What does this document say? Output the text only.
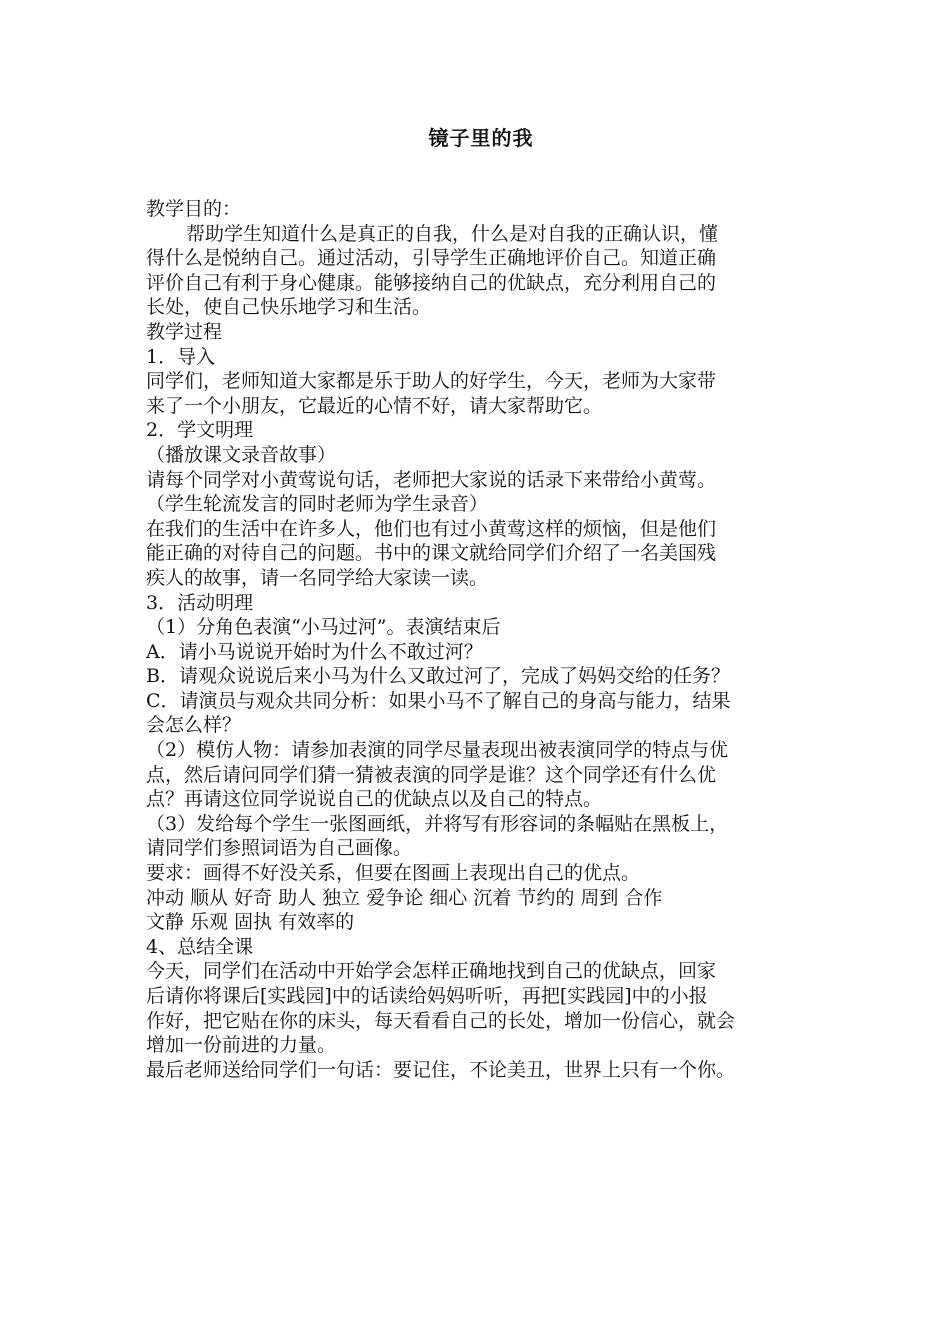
镜子里的我
教学目的：
帮助学生知道什么是真正的自我，什么是对自我的正确认识，懂
得什么是悦纳自己。通过活动，引导学生正确地评价自己。知道正确
评价自己有利于身心健康。能够接纳自己的优缺点，充分利用自己的
长处，使自己快乐地学习和生活。
教学过程
1．导入
同学们，老师知道大家都是乐于助人的好学生，今天，老师为大家带
来了一个小朋友，它最近的心情不好，请大家帮助它。
2．学文明理
（播放课文录音故事）
请每个同学对小黄莺说句话，老师把大家说的话录下来带给小黄莺。
（学生轮流发言的同时老师为学生录音）
在我们的生活中在许多人，他们也有过小黄莺这样的烦恼，但是他们
能正确的对待自己的问题。书中的课文就给同学们介绍了一名美国残
疾人的故事，请一名同学给大家读一读。
3．活动明理
（1）分角色表演“小马过河”。表演结束后
A．请小马说说开始时为什么不敢过河？
B．请观众说说后来小马为什么又敢过河了，完成了妈妈交给的任务？
C．请演员与观众共同分析：如果小马不了解自己的身高与能力，结果
会怎么样？
（2）模仿人物：请参加表演的同学尽量表现出被表演同学的特点与优
点，然后请问同学们猜一猜被表演的同学是谁？这个同学还有什么优
点？再请这位同学说说自己的优缺点以及自己的特点。
（3）发给每个学生一张图画纸，并将写有形容词的条幅贴在黑板上，
请同学们参照词语为自己画像。
要求：画得不好没关系，但要在图画上表现出自己的优点。
冲动 顺从 好奇 助人 独立 爱争论 细心 沉着 节约的 周到 合作
文静 乐观 固执 有效率的
4、总结全课
今天，同学们在活动中开始学会怎样正确地找到自己的优缺点，回家
后请你将课后[实践园]中的话读给妈妈听听，再把[实践园]中的小报
作好，把它贴在你的床头，每天看看自己的长处，增加一份信心，就会
增加一份前进的力量。
最后老师送给同学们一句话：要记住，不论美丑，世界上只有一个你。
